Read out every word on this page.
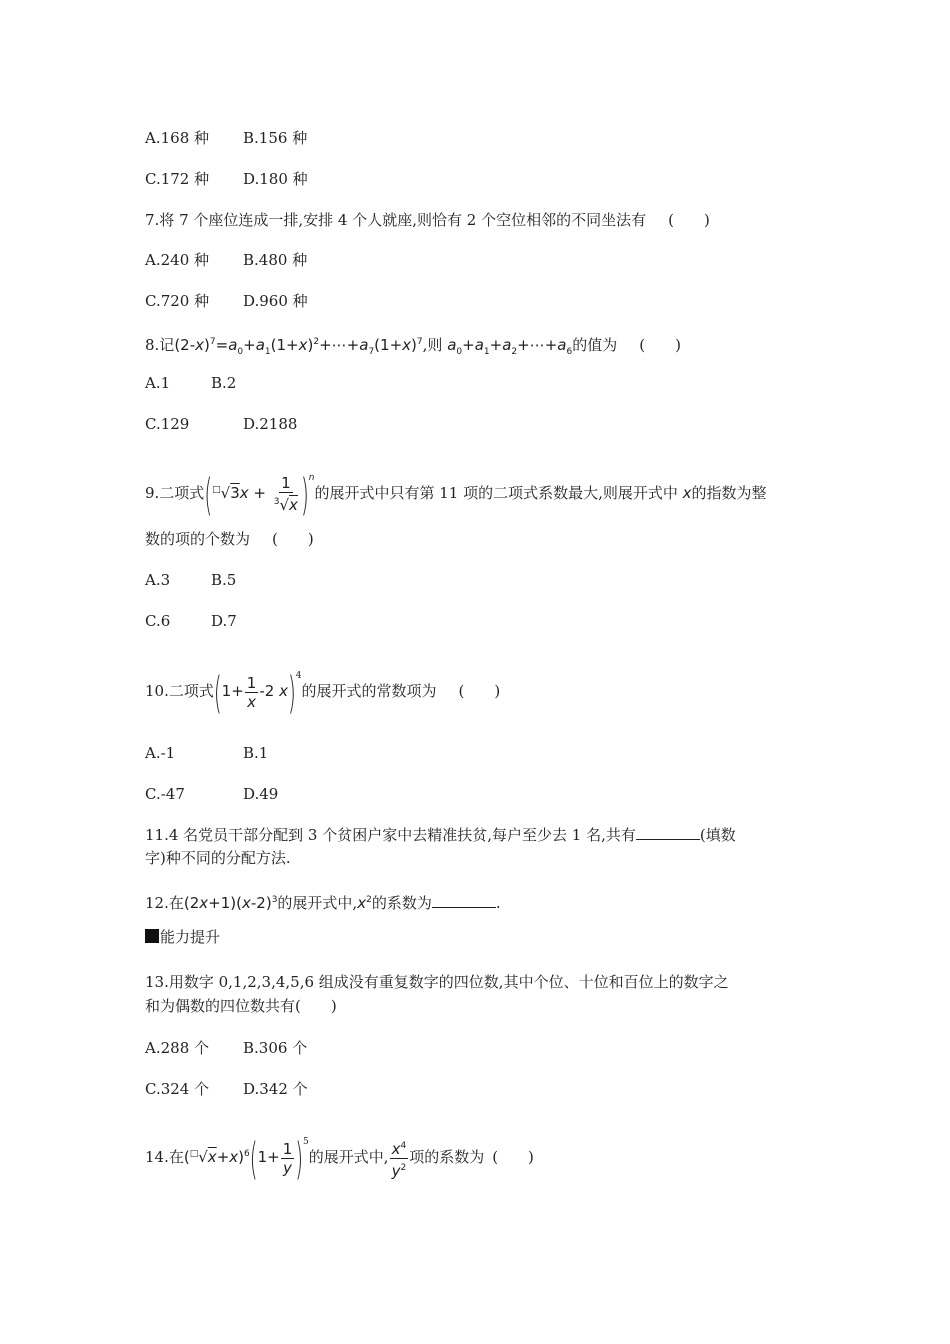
A.168 种 B.156 种
C.172 种 D.180 种
7.将 7 个座位连成一排,安排 4 个人就座,则恰有 2 个空位相邻的不同坐法有 (　　)
A.240 种 B.480 种
C.720 种 D.960 种
8.记$(2-x)^7=a_0+a_1(1+x)^2+\cdots+a_7(1+x)^7$,则 $a_0+a_1+a_2+\cdots+a_6$的值为 (　　)
A.1	B.2
C.129	D.2188
9.二项式$(^□√3x + \frac{1}{^3√x} )^n$的展开式中只有第 11 项的二项式系数最大,则展开式中 x的指数为整
数的项的个数为 (　　)
A.3	B.5
C.6	D.7
10.二项式($1+ \frac{1}{x} -2$ x)$^4$的展开式的常数项为 (　　)
A.-1	B.1
C.-47	D.49
11.4 名党员干部分配到 3 个贫困户家中去精准扶贫,每户至少去 1 名,共有	(填数
字)种不同的分配方法.
12.在$(2x+1)(x-2)^3$的展开式中$,x^2$的系数为	.
能力提升
13.用数字 0,1,2,3,4,5,6 组成没有重复数字的四位数,其中个位、十位和百位上的数字之
和为偶数的四位数共有(　　)
A.288 个 B.306 个
C.324 个 D.342 个
14.在$(^□√x+x)^6(1+ \frac{1}{y} )^5$的展开式中, $\frac{x^4}{y^2}$ 项的系数为 (　　)
